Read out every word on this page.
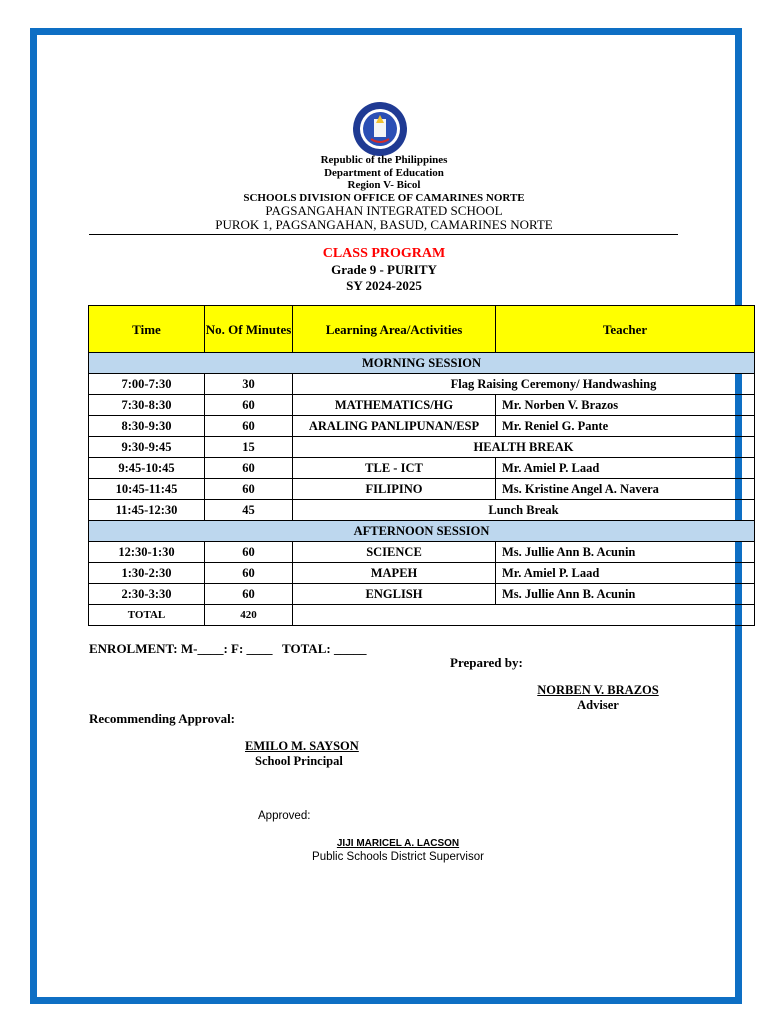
Republic of the Philippines
Department of Education
Region V- Bicol
SCHOOLS DIVISION OFFICE OF CAMARINES NORTE
PAGSANGAHAN INTEGRATED SCHOOL
PUROK 1, PAGSANGAHAN, BASUD, CAMARINES NORTE
CLASS PROGRAM
Grade 9 - PURITY
SY 2024-2025
Time	No. Of Minutes	Learning Area/Activities	Teacher
MORNING SESSION			
7:00-7:30	30	Flag Raising Ceremony/ Handwashing	
7:30-8:30	60	MATHEMATICS/HG	Mr. Norben V. Brazos
8:30-9:30	60	ARALING PANLIPUNAN/ESP	Mr. Reniel G. Pante
9:30-9:45	15	HEALTH BREAK	
9:45-10:45	60	TLE - ICT	Mr. Amiel P. Laad
10:45-11:45	60	FILIPINO	Ms. Kristine Angel A. Navera
11:45-12:30	45	Lunch Break	
AFTERNOON SESSION			
12:30-1:30	60	SCIENCE	Ms. Jullie Ann B. Acunin
1:30-2:30	60	MAPEH	Mr. Amiel P. Laad
2:30-3:30	60	ENGLISH	Ms. Jullie Ann B. Acunin
TOTAL	420		
ENROLMENT: M-____: F: ____   TOTAL: _____
Prepared by:
NORBEN V. BRAZOS
Adviser
Recommending Approval:
EMILO M. SAYSON
School Principal
Approved:
JIJI MARICEL A. LACSON
Public Schools District Supervisor
